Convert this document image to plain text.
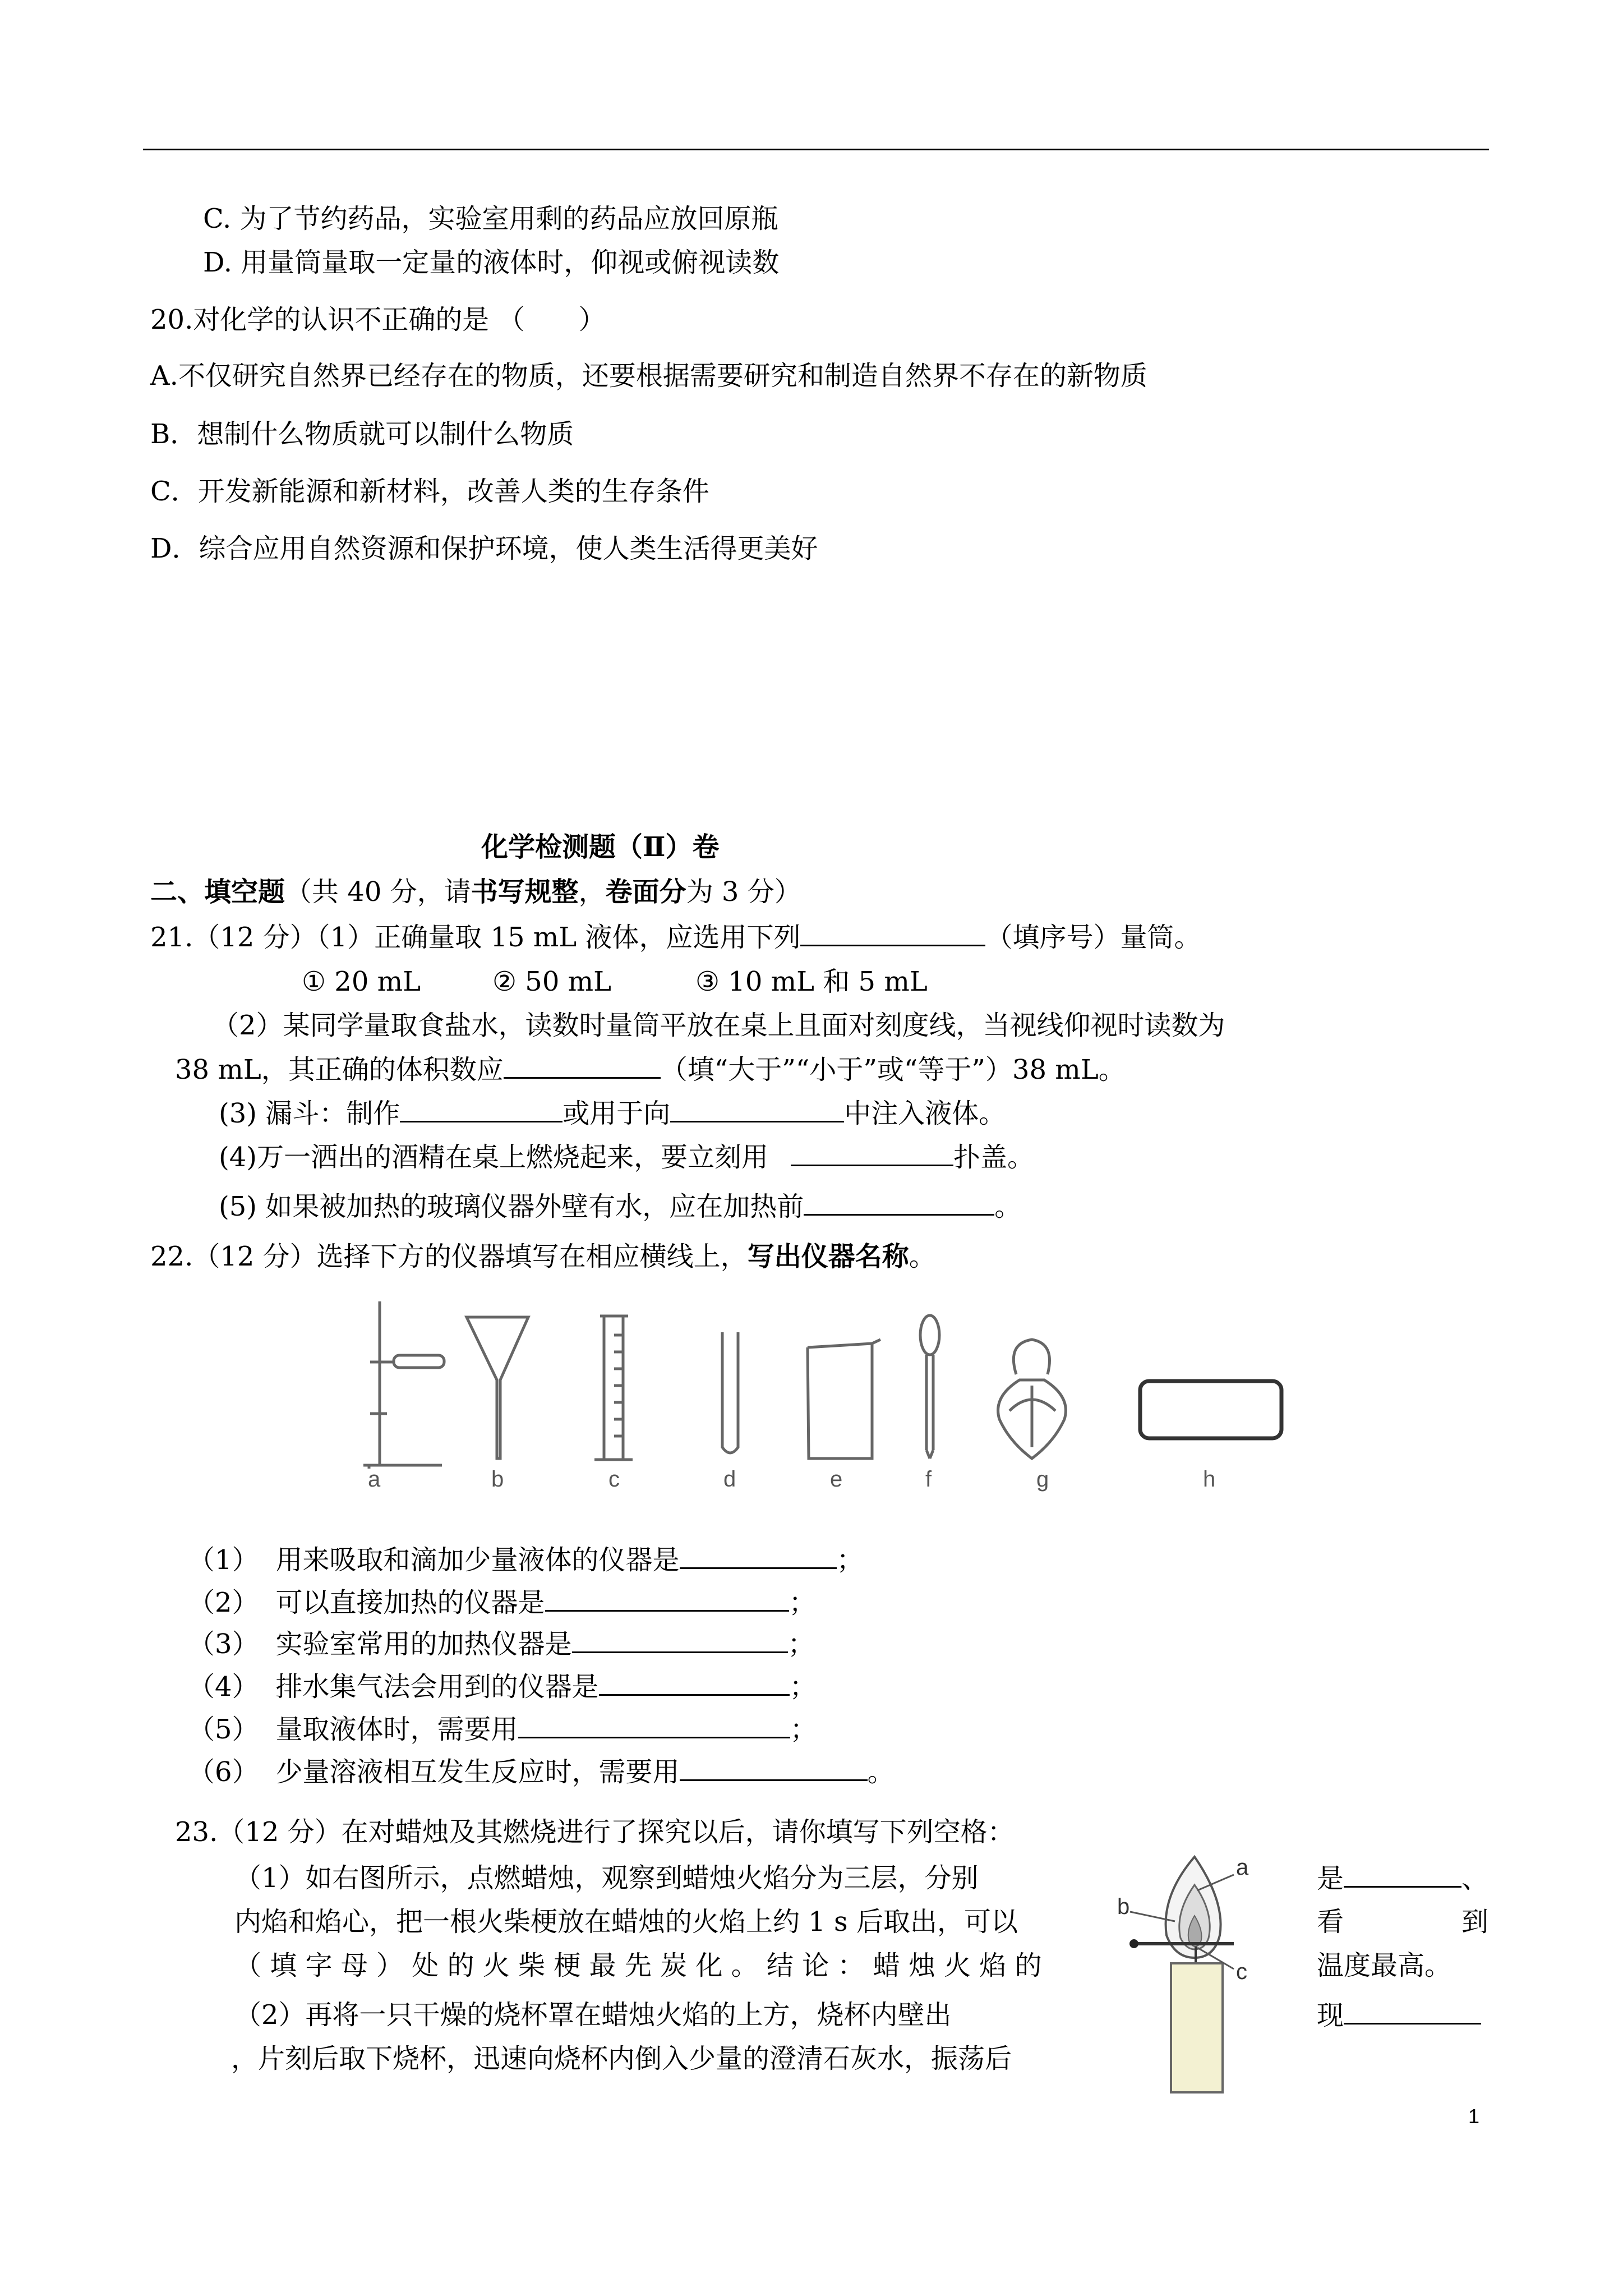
C. 为了节约药品，实验室用剩的药品应放回原瓶
D. 用量筒量取一定量的液体时，仰视或俯视读数
20.对化学的认识不正确的是 （　　）
A.不仅研究自然界已经存在的物质，还要根据需要研究和制造自然界不存在的新物质
B．想制什么物质就可以制什么物质
C．开发新能源和新材料，改善人类的生存条件
D．综合应用自然资源和保护环境，使人类生活得更美好
化学检测题（Ⅱ）卷
二、填空题（共 40 分，请书写规整，卷面分为 3 分）
21.（12 分）（1）正确量取 15 mL 液体，应选用下列	（填序号）量筒。
① 20 mL	② 50 mL	③ 10 mL 和 5 mL
（2）某同学量取食盐水，读数时量筒平放在桌上且面对刻度线，当视线仰视时读数为
38 mL，其正确的体积数应	（填“大于”“小于”或“等于”）38 mL。
(3) 漏斗：制作	或用于向	中注入液体。
(4)万一洒出的酒精在桌上燃烧起来，要立刻用	扑盖。
(5) 如果被加热的玻璃仪器外壁有水，应在加热前	。
22.（12 分）选择下方的仪器填写在相应横线上，写出仪器名称。
a	b	c	d	e	f	g	h
（1） 用来吸取和滴加少量液体的仪器是	；
（2） 可以直接加热的仪器是	；
（3） 实验室常用的加热仪器是	；
（4） 排水集气法会用到的仪器是	；
（5） 量取液体时，需要用	；
（6） 少量溶液相互发生反应时，需要用	。
23.（12 分）在对蜡烛及其燃烧进行了探究以后，请你填写下列空格：
（1）如右图所示，点燃蜡烛，观察到蜡烛火焰分为三层，分别
内焰和焰心，把一根火柴梗放在蜡烛的火焰上约 1 s 后取出，可以
（ 填 字 母 ） 处 的 火 柴 梗 最 先 炭 化 。 结 论 ： 蜡 烛 火 焰 的
（2）再将一只干燥的烧杯罩在蜡烛火焰的上方，烧杯内壁出
，片刻后取下烧杯，迅速向烧杯内倒入少量的澄清石灰水，振荡后
是	、
看	到
温度最高。
现
a
b
c
1
